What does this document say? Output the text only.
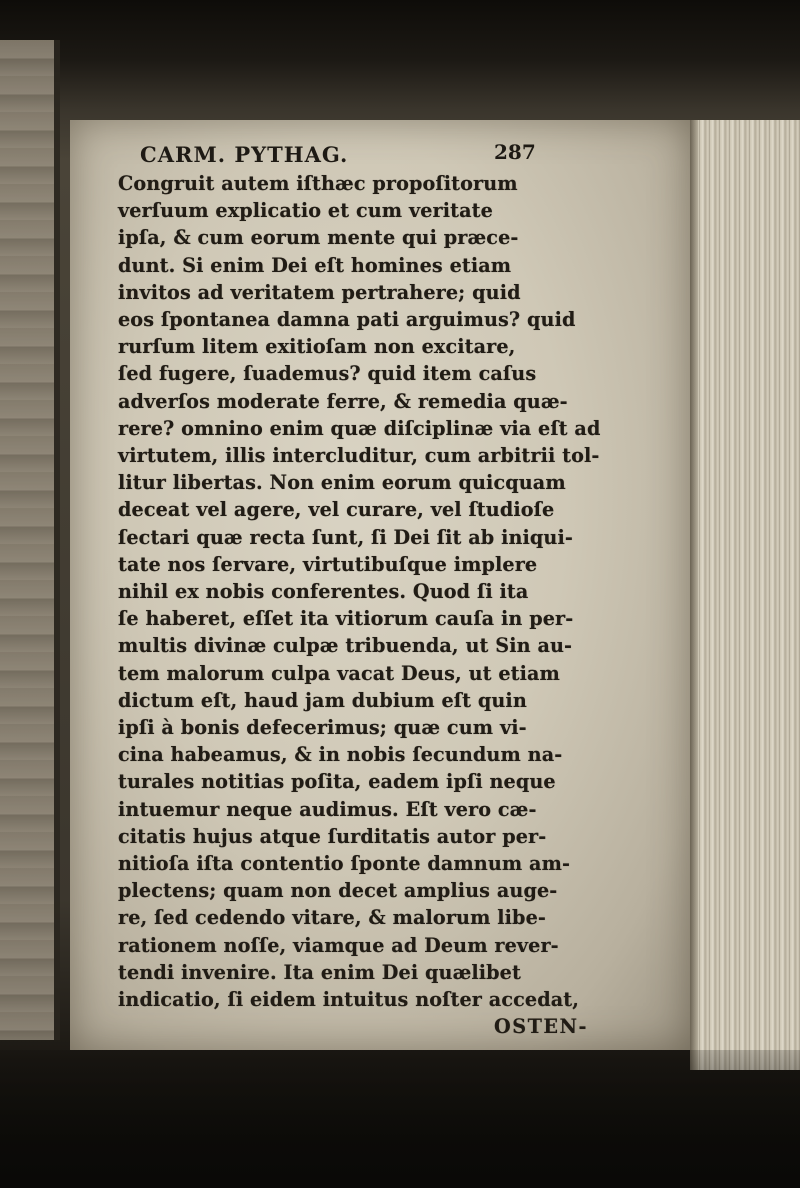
CARM. PYTHAG.	287
Congruit autem iſthæc propoſitorum
verſuum explicatio et cum veritate
ipſa, & cum eorum mente qui præce-
dunt. Si enim Dei eſt homines etiam
invitos ad veritatem pertrahere; quid
eos ſpontanea damna pati arguimus? quid
rurſum litem exitioſam non excitare,
ſed fugere, ſuademus? quid item caſus
adverſos moderate ferre, & remedia quæ-
rere? omnino enim quæ diſciplinæ via eſt ad
virtutem, illis intercluditur, cum arbitrii tol-
litur libertas. Non enim eorum quicquam
deceat vel agere, vel curare, vel ſtudioſe
ſectari quæ recta ſunt, ſi Dei ſit ab iniqui-
tate nos ſervare, virtutibuſque implere
nihil ex nobis conferentes. Quod ſi ita
ſe haberet, eſſet ita vitiorum cauſa in per-
multis divinæ culpæ tribuenda, ut Sin au-
tem malorum culpa vacat Deus, ut etiam
dictum eſt, haud jam dubium eſt quin
ipſi à bonis defecerimus; quæ cum vi-
cina habeamus, & in nobis ſecundum na-
turales notitias poſita, eadem ipſi neque
intuemur neque audimus. Eſt vero cæ-
citatis hujus atque ſurditatis autor per-
nitioſa iſta contentio ſponte damnum am-
plectens; quam non decet amplius auge-
re, ſed cedendo vitare, & malorum libe-
rationem noſſe, viamque ad Deum rever-
tendi invenire. Ita enim Dei quælibet
indicatio, ſi eidem intuitus noſter accedat,
OSTEN-
